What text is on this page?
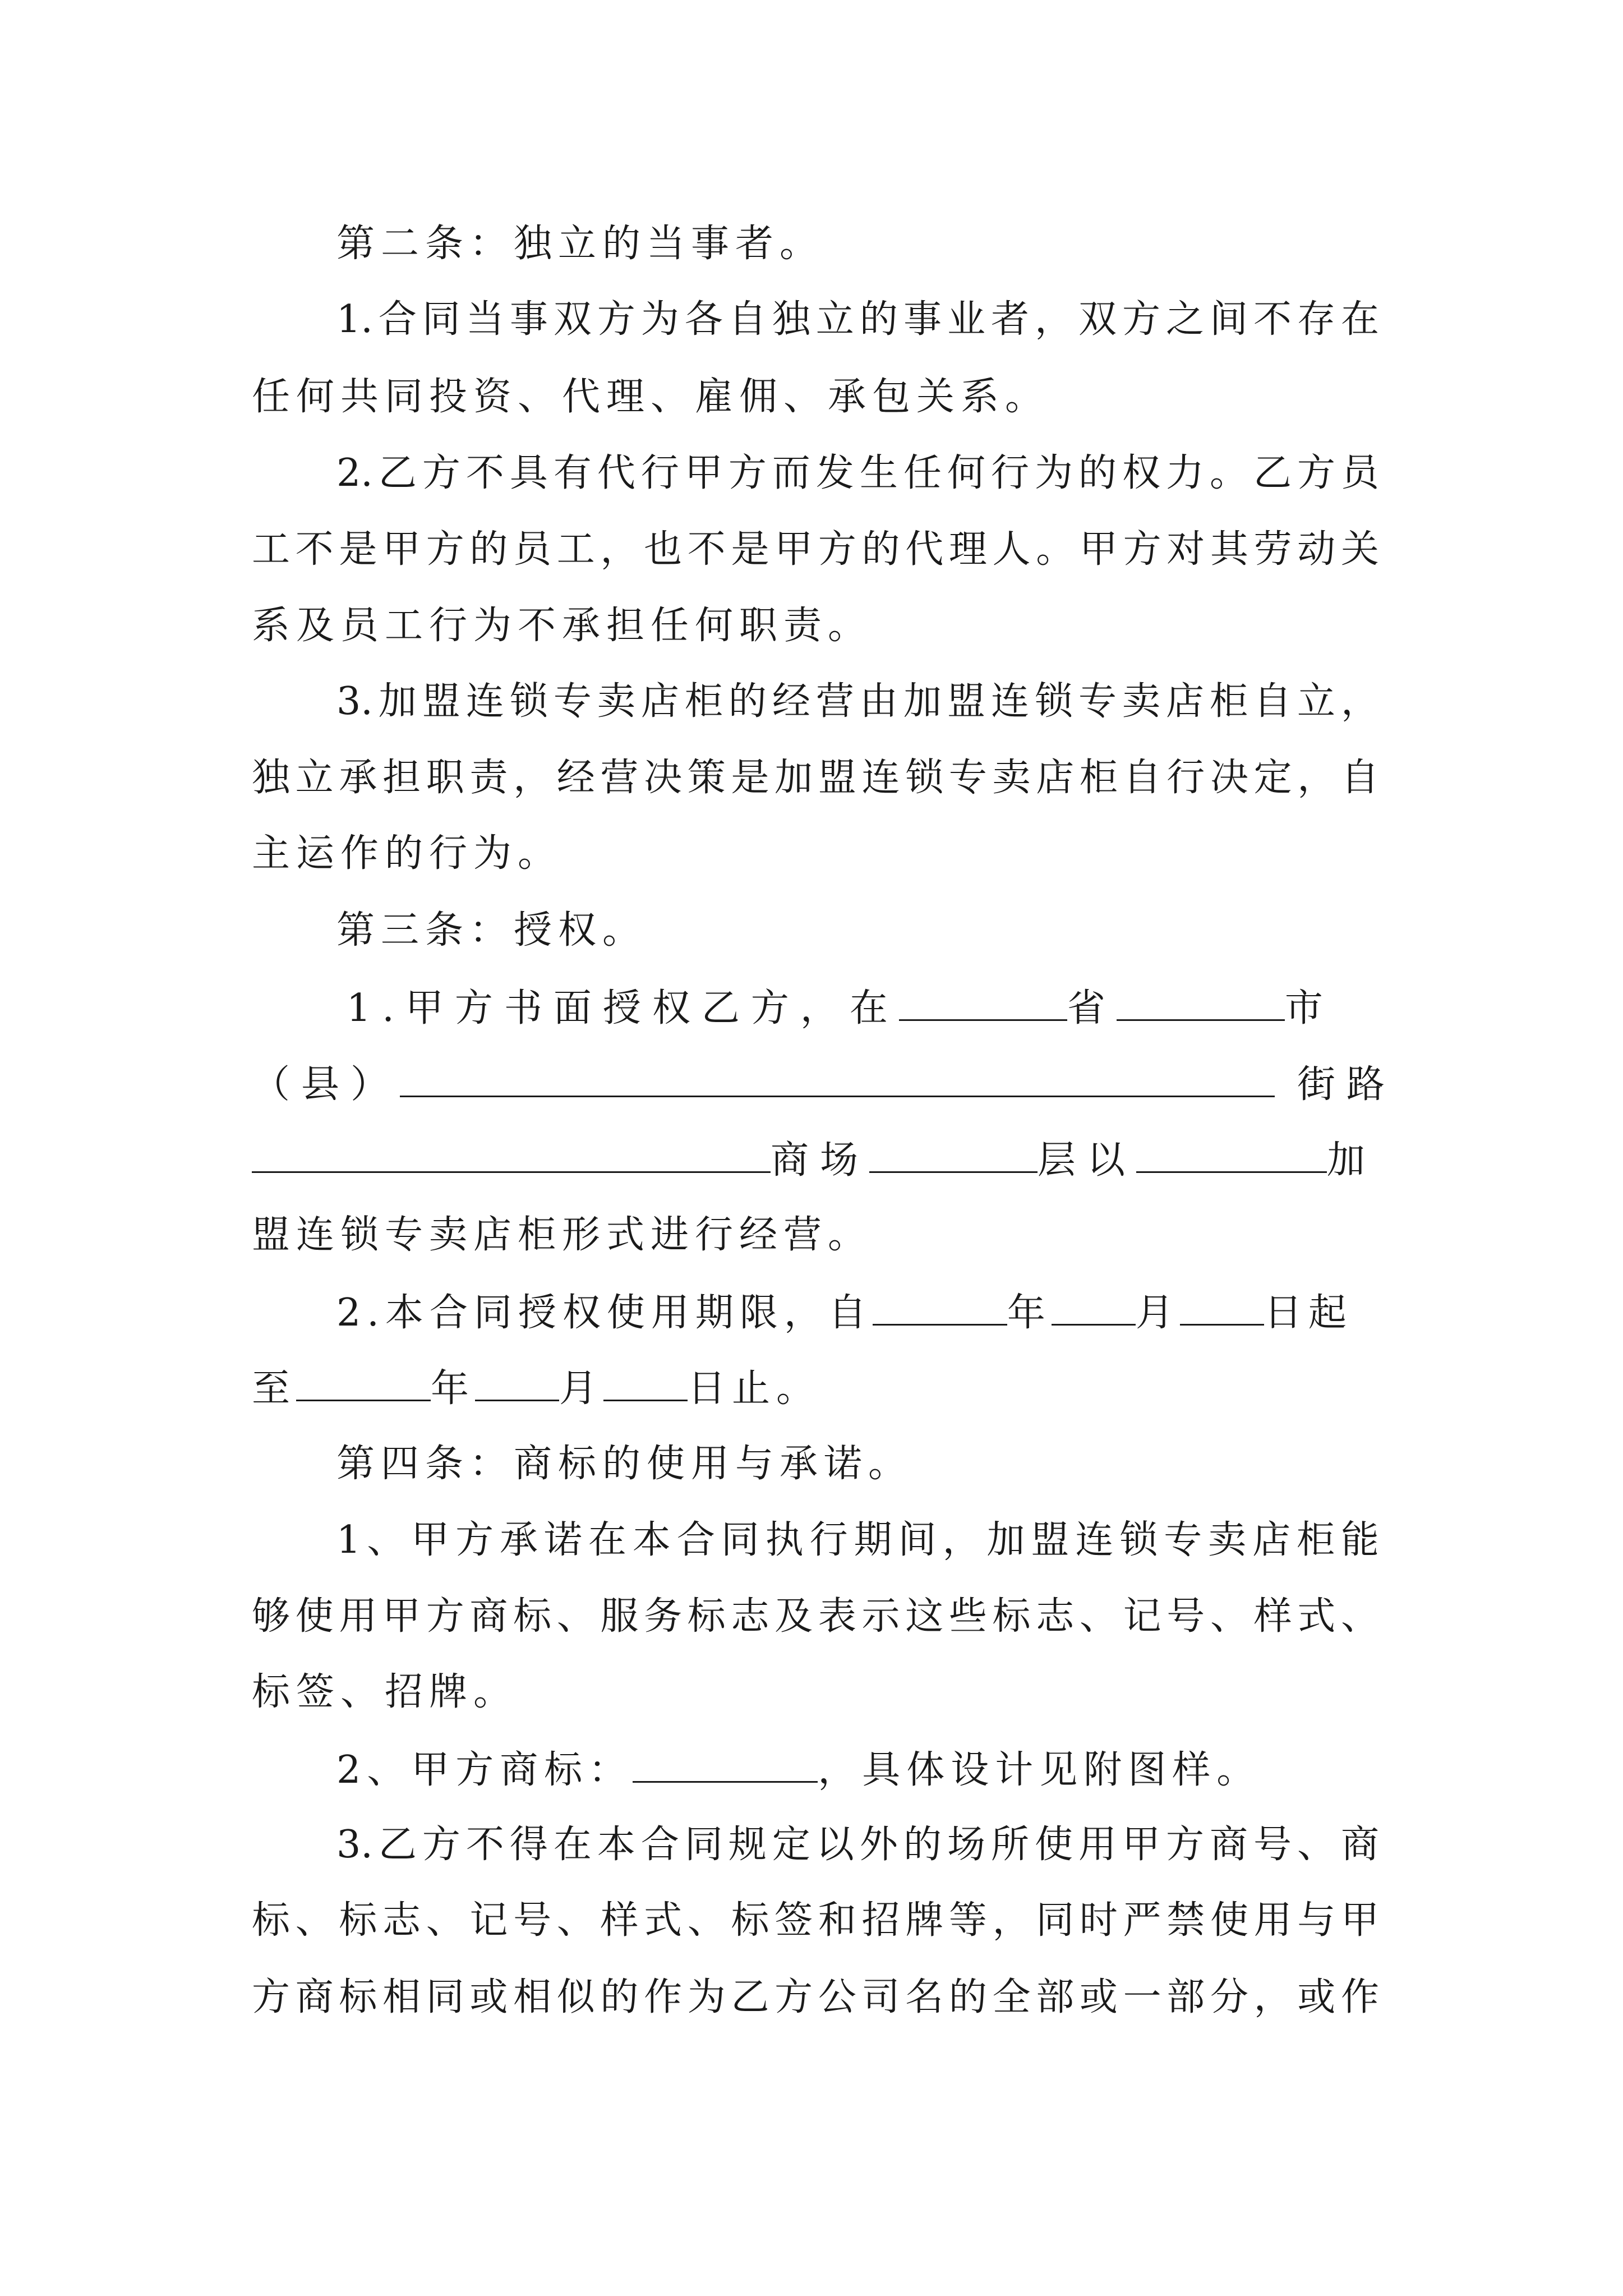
第二条：独立的当事者。
1.合同当事双方为各自独立的事业者，双方之间不存在
任何共同投资、代理、雇佣、承包关系。
2.乙方不具有代行甲方而发生任何行为的权力。乙方员
工不是甲方的员工，也不是甲方的代理人。甲方对其劳动关
系及员工行为不承担任何职责。
3.加盟连锁专卖店柜的经营由加盟连锁专卖店柜自立，
独立承担职责，经营决策是加盟连锁专卖店柜自行决定，自
主运作的行为。
第三条：授权。
1.甲方书面授权乙方，在	省	市
（县）	街路
商场	层以	加
盟连锁专卖店柜形式进行经营。
2.本合同授权使用期限，自	年 月 日起
至	年 月 日止。
第四条：商标的使用与承诺。
1、甲方承诺在本合同执行期间，加盟连锁专卖店柜能
够使用甲方商标、服务标志及表示这些标志、记号、样式、
标签、招牌。
2、甲方商标：	，具体设计见附图样。
3.乙方不得在本合同规定以外的场所使用甲方商号、商
标、标志、记号、样式、标签和招牌等，同时严禁使用与甲
方商标相同或相似的作为乙方公司名的全部或一部分，或作
